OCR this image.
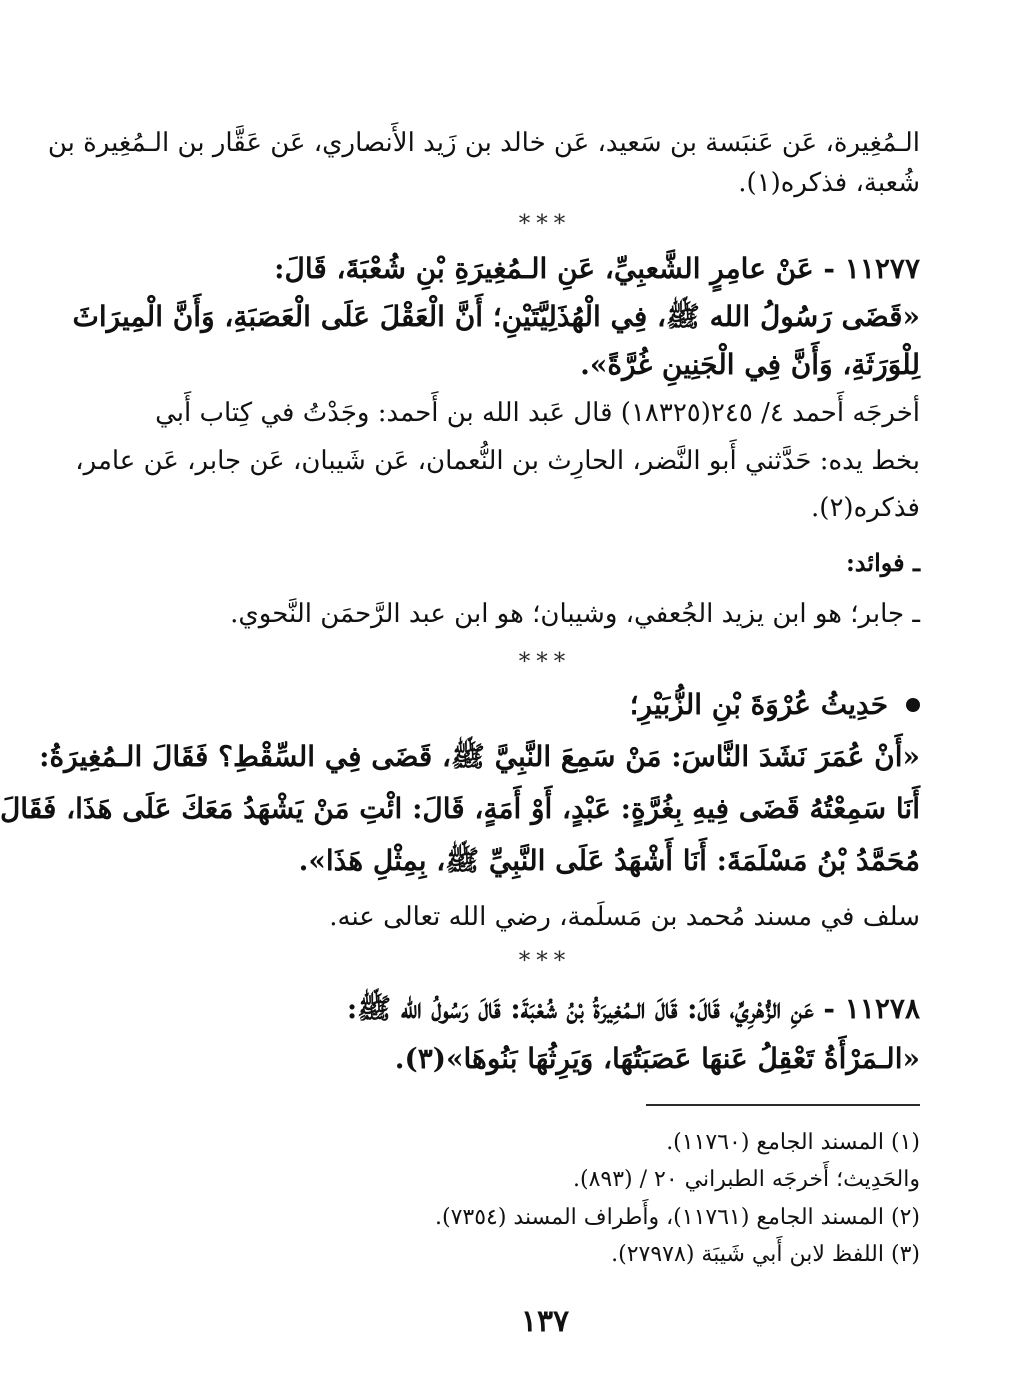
الـمُغِيرة، عَن عَنبَسة بن سَعيد، عَن خالد بن زَيد الأَنصاري، عَن عَقَّار بن الـمُغِيرة بن
شُعبة، فذكره(١).
***
١١٢٧٧ - عَنْ عامِرٍ الشَّعبِيِّ، عَنِ الـمُغِيرَةِ بْنِ شُعْبَةَ، قَالَ:
«قَضَى رَسُولُ الله ﷺ، فِي الْهُذَلِيَّتَيْنِ؛ أَنَّ الْعَقْلَ عَلَى الْعَصَبَةِ، وَأَنَّ الْمِيرَاثَ
لِلْوَرَثَةِ، وَأَنَّ فِي الْجَنِينِ غُرَّةً».
أخرجَه أَحمد ٤/ ٢٤٥(١٨٣٢٥) قال عَبد الله بن أَحمد: وجَدْتُ في كِتاب أَبي
بخط يده: حَدَّثني أَبو النَّضر، الحارِث بن النُّعمان، عَن شَيبان، عَن جابر، عَن عامر،
فذكره(٢).
ـ فوائد:
ـ جابر؛ هو ابن يزيد الجُعفي، وشيبان؛ هو ابن عبد الرَّحمَن النَّحوي.
***
حَدِيثُ عُرْوَةَ بْنِ الزُّبَيْرِ؛
«أَنْ عُمَرَ نَشَدَ النَّاسَ: مَنْ سَمِعَ النَّبِيَّ ﷺ، قَضَى فِي السِّقْطِ؟ فَقَالَ الـمُغِيرَةُ:
أَنَا سَمِعْتُهُ قَضَى فِيهِ بِغُرَّةٍ: عَبْدٍ، أَوْ أَمَةٍ، قَالَ: ائْتِ مَنْ يَشْهَدُ مَعَكَ عَلَى هَذَا، فَقَالَ
مُحَمَّدُ بْنُ مَسْلَمَةَ: أَنَا أَشْهَدُ عَلَى النَّبِيِّ ﷺ، بِمِثْلِ هَذَا».
سلف في مسند مُحمد بن مَسلَمة، رضي الله تعالى عنه.
***
١١٢٧٨ - عَنِ الزُّهْرِيِّ، قَالَ: قَالَ الـمُغِيرَةُ بْنُ شُعْبَةَ: قَالَ رَسُولُ الله ﷺ:
«الـمَرْأَةُ تَعْقِلُ عَنهَا عَصَبَتُهَا، وَيَرِثُهَا بَنُوهَا»(٣).
(١) المسند الجامع (١١٧٦٠).
والحَدِيث؛ أَخرجَه الطبراني ٢٠ / (٨٩٣).
(٢) المسند الجامع (١١٧٦١)، وأَطراف المسند (٧٣٥٤).
(٣) اللفظ لابن أَبي شَيبَة (٢٧٩٧٨).
١٣٧
